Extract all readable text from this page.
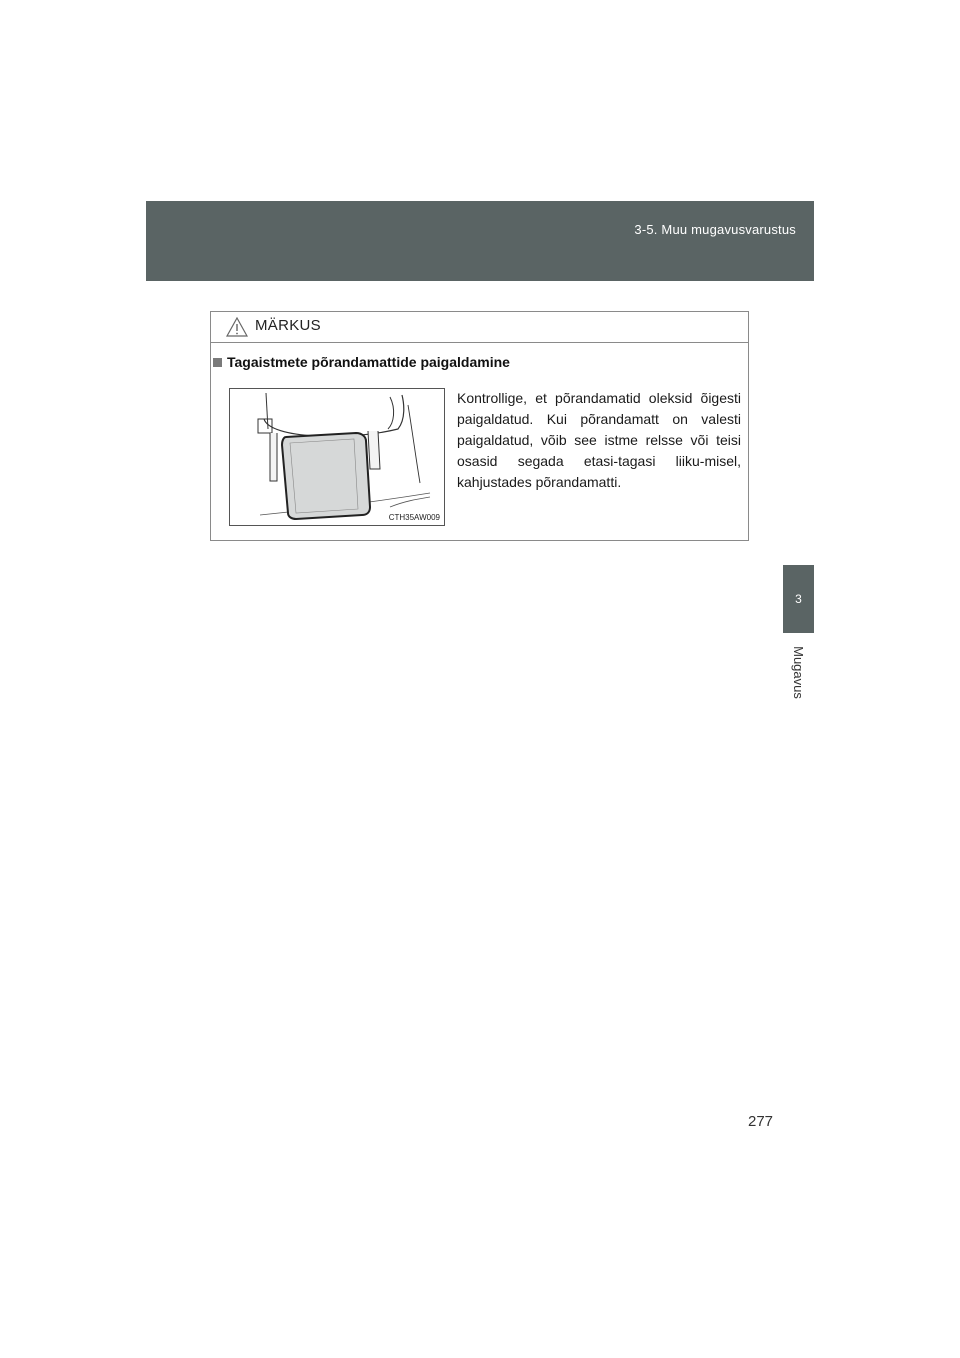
3-5. Muu mugavusvarustus
3
Mugavus
MÄRKUS
Tagaistmete põrandamattide paigaldamine
CTH35AW009
Kontrollige, et põrandamatid oleksid õigesti paigaldatud. Kui põrandamatt on valesti paigaldatud, võib see istme relsse või teisi osasid segada etasi-tagasi liiku-misel, kahjustades põrandamatti.
277
